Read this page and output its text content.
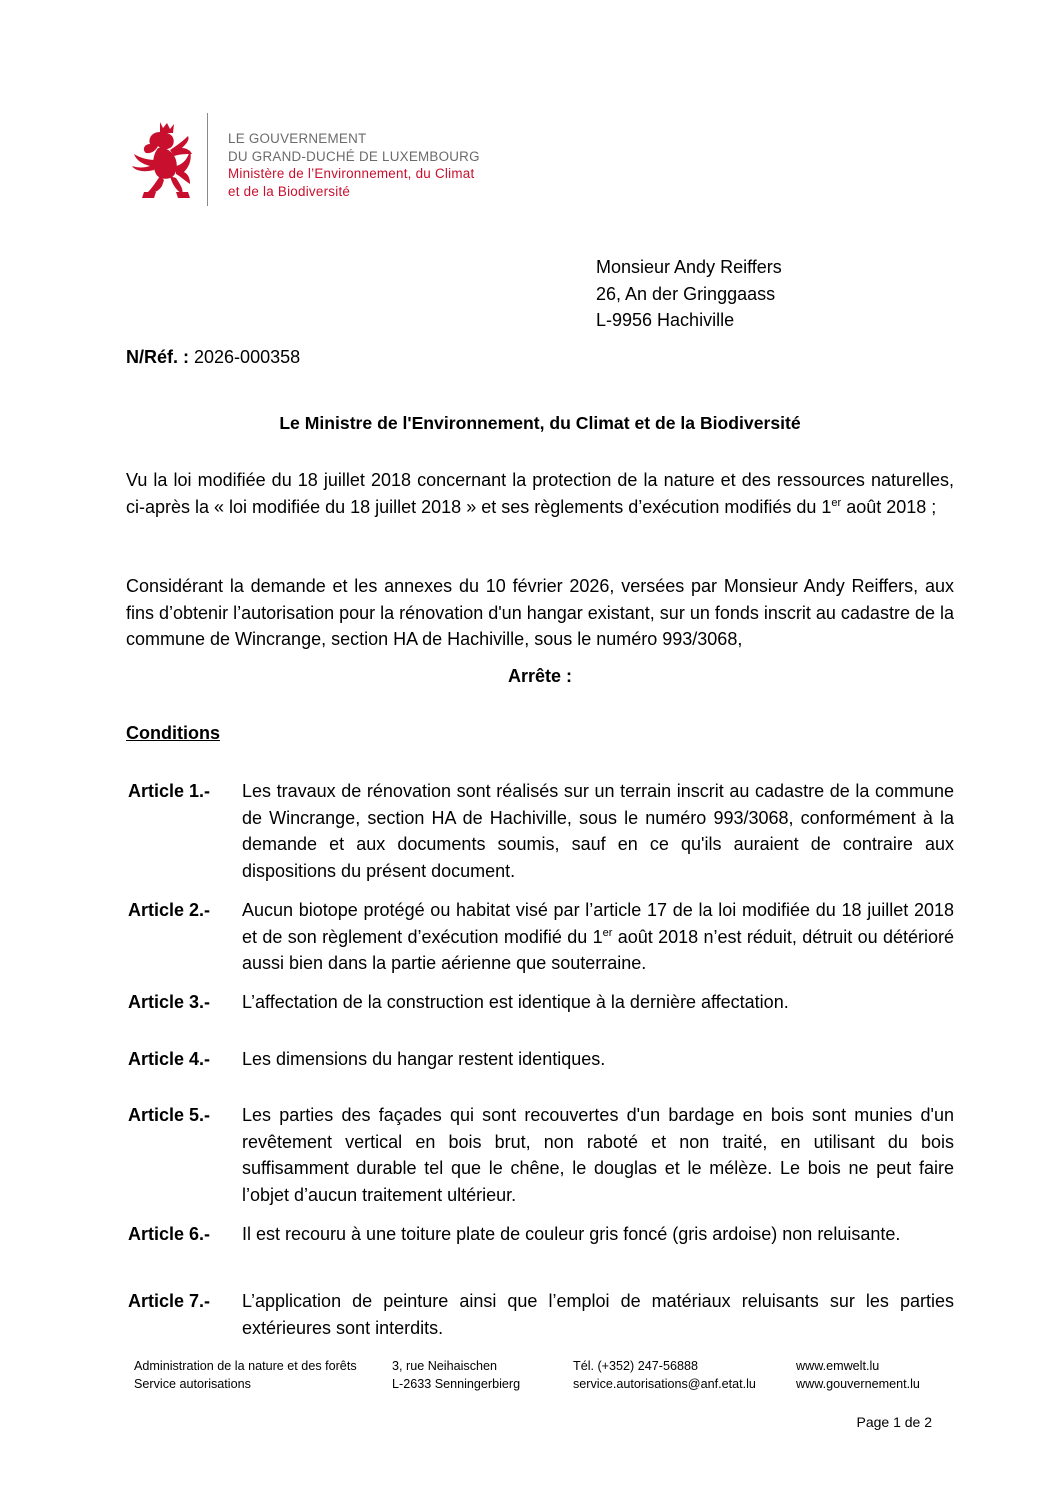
LE GOUVERNEMENT
DU GRAND-DUCHÉ DE LUXEMBOURG
Ministère de l’Environnement, du Climat
et de la Biodiversité
Monsieur Andy Reiffers
26, An der Gringgaass
L-9956 Hachiville
N/Réf. : 2026-000358
Le Ministre de l'Environnement, du Climat et de la Biodiversité
Vu la loi modifiée du 18 juillet 2018 concernant la protection de la nature et des ressources naturelles, ci-après la « loi modifiée du 18 juillet 2018 » et ses règlements d’exécution modifiés du 1er août 2018 ;
Considérant la demande et les annexes du 10 février 2026, versées par Monsieur Andy Reiffers, aux fins d’obtenir l’autorisation pour la rénovation d'un hangar existant, sur un fonds inscrit au cadastre de la commune de Wincrange, section HA de Hachiville, sous le numéro 993/3068,
Arrête :
Conditions
Article 1.- Les travaux de rénovation sont réalisés sur un terrain inscrit au cadastre de la commune de Wincrange, section HA de Hachiville, sous le numéro 993/3068, conformément à la demande et aux documents soumis, sauf en ce qu'ils auraient de contraire aux dispositions du présent document.
Article 2.- Aucun biotope protégé ou habitat visé par l’article 17 de la loi modifiée du 18 juillet 2018 et de son règlement d’exécution modifié du 1er août 2018 n’est réduit, détruit ou détérioré aussi bien dans la partie aérienne que souterraine.
Article 3.- L’affectation de la construction est identique à la dernière affectation.
Article 4.- Les dimensions du hangar restent identiques.
Article 5.- Les parties des façades qui sont recouvertes d'un bardage en bois sont munies d'un revêtement vertical en bois brut, non raboté et non traité, en utilisant du bois suffisamment durable tel que le chêne, le douglas et le mélèze. Le bois ne peut faire l’objet d’aucun traitement ultérieur.
Article 6.- Il est recouru à une toiture plate de couleur gris foncé (gris ardoise) non reluisante.
Article 7.- L’application de peinture ainsi que l’emploi de matériaux reluisants sur les parties extérieures sont interdits.
Administration de la nature et des forêts
Service autorisations
3, rue Neihaischen
L-2633 Senningerbierg
Tél. (+352) 247-56888
service.autorisations@anf.etat.lu
www.emwelt.lu
www.gouvernement.lu
Page 1 de 2
